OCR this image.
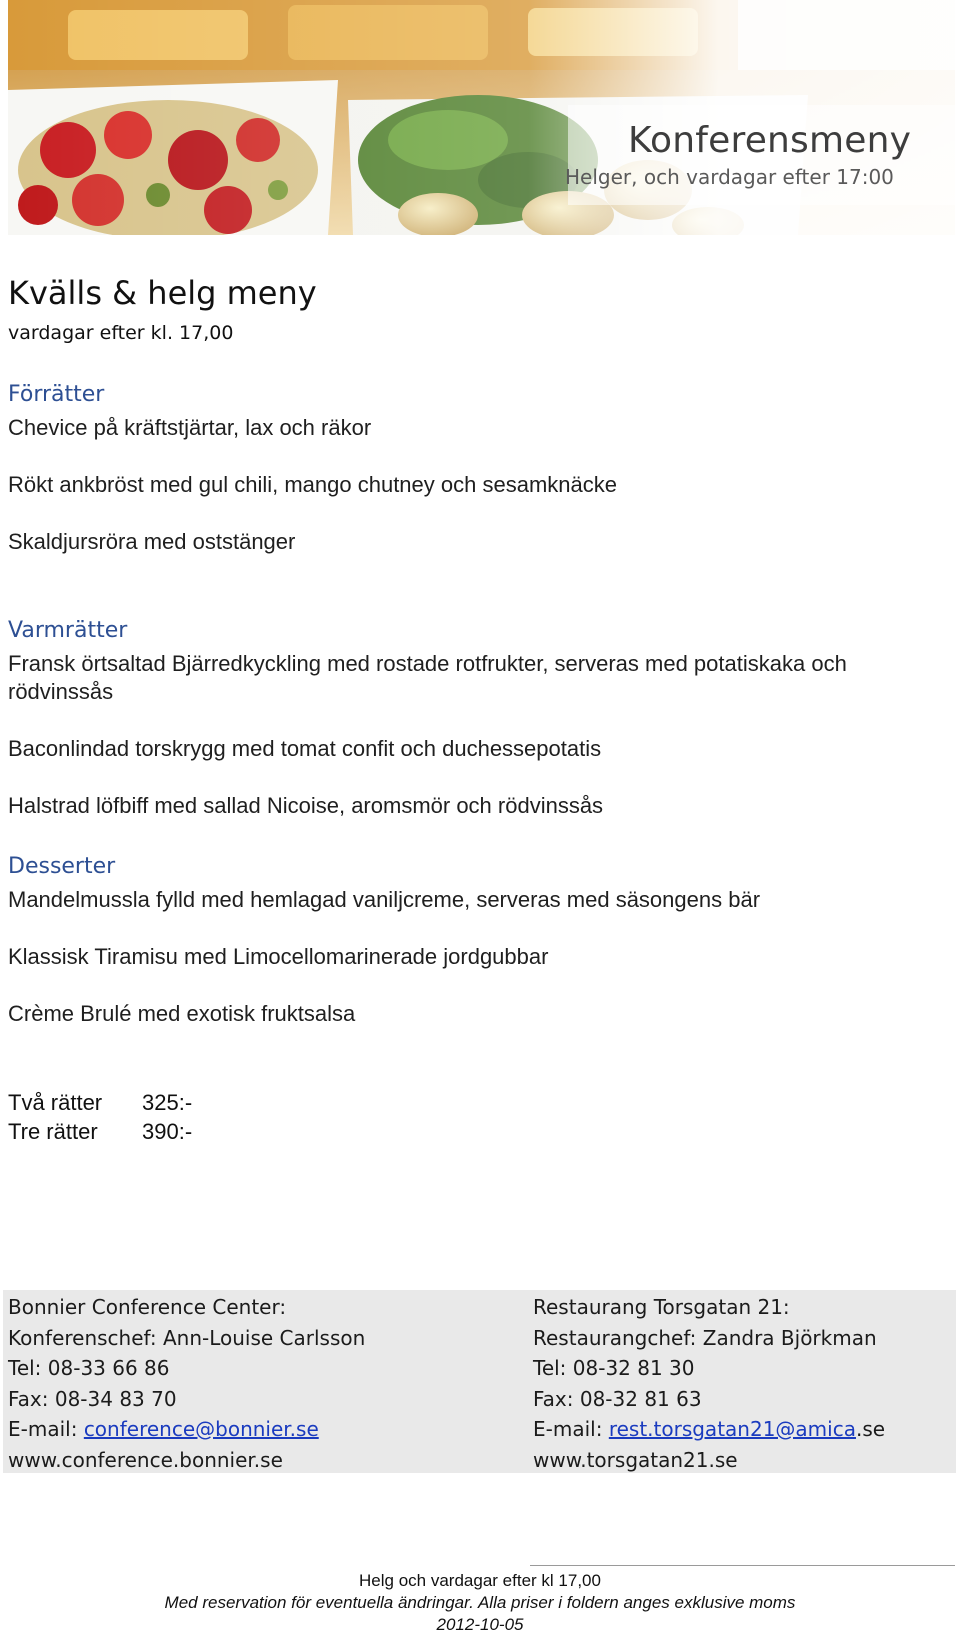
Konferensmeny
Helger, och vardagar efter 17:00
Kvälls & helg meny
vardagar efter kl. 17,00
Förrätter
Chevice på kräftstjärtar, lax och räkor
Rökt ankbröst med gul chili, mango chutney och sesamknäcke
Skaldjursröra med oststänger
Varmrätter
Fransk örtsaltad Bjärredkyckling med rostade rotfrukter, serveras med potatiskaka och rödvinssås
Baconlindad torskrygg med tomat confit och duchessepotatis
Halstrad löfbiff med sallad Nicoise, aromsmör och rödvinssås
Desserter
Mandelmussla fylld med hemlagad vaniljcreme, serveras med säsongens bär
Klassisk Tiramisu med Limocellomarinerade jordgubbar
Crème Brulé med exotisk fruktsalsa
Två rätter	325:-
Tre rätter	390:-
Bonnier Conference Center:
Konferenschef: Ann-Louise Carlsson
Tel: 08-33 66 86
Fax: 08-34 83 70
E-mail: conference@bonnier.se
www.conference.bonnier.se
Restaurang Torsgatan 21:
Restaurangchef: Zandra Björkman
Tel: 08-32 81 30
Fax: 08-32 81 63
E-mail: rest.torsgatan21@amica.se
www.torsgatan21.se
Helg och vardagar efter kl 17,00
Med reservation för eventuella ändringar. Alla priser i foldern anges exklusive moms
2012-10-05
